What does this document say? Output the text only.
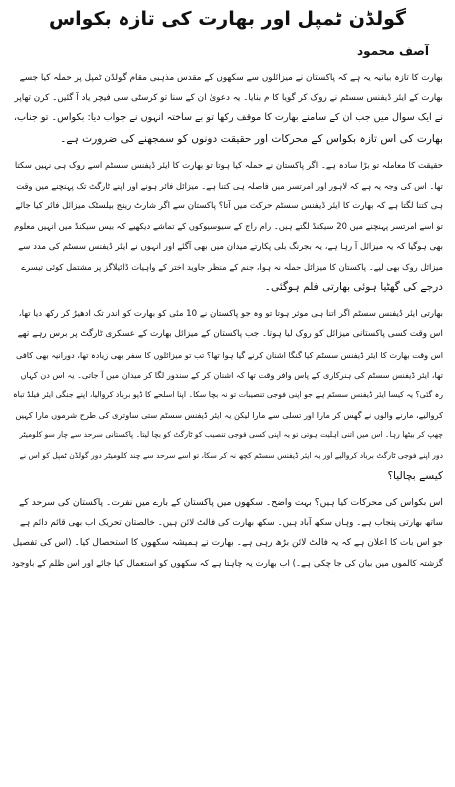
گولڈن ٹمپل اور بھارت کی تازہ بکواس
آصف محمود
بھارت کا تازہ بیانیہ یہ ہے کہ پاکستان نے میزائلوں سے سکھوں کے مقدس مذہبی مقام گولڈن ٹمپل پر حملہ کیا جسے
بھارت کے ایئر ڈیفنس سسٹم نے روک کر گویا کا م بنایا۔ یہ دعویٰ ان کے سنا تو کرسٹی سی فیچر یاد آ گئیں۔ کرن تھاپر
نے ایک سوال میں جب ان کے سامنے بھارت کا موقف رکھا تو بے ساختہ انہوں نے جواب دیا: بکواس۔ تو جناب،
بھارت کی اس تازہ بکواس کے محرکات اور حقیقت دونوں کو سمجھنے کی ضرورت ہے۔
حقیقت کا معاملہ تو بڑا سادہ ہے۔ اگر پاکستان نے حملہ کیا ہوتا تو بھارت کا ایئر ڈیفنس سسٹم اسے روک ہی نہیں سکتا
تھا۔ اس کی وجہ یہ ہے کہ لاہور اور امرتسر میں فاصلہ ہی کتنا ہے۔ میزائل فائر ہونے اور اپنے ٹارگٹ تک پہنچنے میں وقت
ہی کتنا لگتا ہے کہ بھارت کا ایئر ڈیفنس سسٹم حرکت میں آتا؟ پاکستان سے اگر شارٹ رینج بیلسٹک میزائل فائر کیا جائے
تو اسے امرتسر پہنچنے میں 20 سیکنڈ لگتے ہیں۔ رام راج کے سیوسیوکوں کے تماشے دیکھیے کہ بیس سیکنڈ میں انہیں معلوم
بھی ہوگیا کہ یہ میزائل آ رہا ہے، یہ بجرنگ بلی پکارتے میدان میں بھی آگئے اور انہوں نے ایئر ڈیفنس سسٹم کی مدد سے
میزائل روک بھی لیے۔ پاکستان کا میزائل حملہ نہ ہوا، جنم کے منظر جاوید اختر کے واہیات ڈائیلاگز پر مشتمل کوئی تیسرے
درجے کی گھٹیا ہوئی بھارتی فلم ہوگئی۔
بھارتی ایئر ڈیفنس سسٹم اگر اتنا ہی موثر ہوتا تو وہ جو پاکستان نے 10 مئی کو بھارت کو اندر تک ادھیڑ کر رکھ دیا تھا،
اس وقت کسی پاکستانی میزائل کو روک لیا ہوتا۔ جب پاکستان کے میزائل بھارت کے عسکری ٹارگٹ پر برس رہے تھے
اس وقت بھارت کا ایئر ڈیفنس سسٹم کیا گنگا اشنان کرنے گیا ہوا تھا؟ تب تو میزائلوں کا سفر بھی زیادہ تھا، دورانیہ بھی کافی
تھا، ایئر ڈیفنس سسٹم کی ہنرکاری کے پاس وافر وقت تھا کہ اشنان کر کے سندور لگا کر میدان میں آ جاتی۔ یہ اس دن کہاں
رہ گئی؟ یہ کیسا ایئر ڈیفنس سسٹم ہے جو اپنی فوجی تنصیبات تو نہ بچا سکا۔ اپنا اسلحے کا ڈپو برباد کروالیا، اپنے جنگی ایئر فیلڈ تباہ
کروالیے، مارنے والوں نے گھس کر مارا اور تسلی سے مارا لیکن یہ ایئر ڈیفنس سسٹم ستی ساوتری کی طرح شرموں مارا کہیں
چھپ کر بیٹھا رہا۔ اس میں اتنی اہلیت ہوتی تو یہ اپنی کسی فوجی تنصیب کو ٹارگٹ کو بچا لیتا۔ پاکستانی سرحد سے چار سو کلومیٹر
دور اپنے فوجی ٹارگٹ برباد کروالیے اور یہ ایئر ڈیفنس سسٹم کچھ نہ کر سکا، تو اسے سرحد سے چند کلومیٹر دور گولڈن ٹمپل کو اس نے
کیسے بچالیا؟
اس بکواس کی محرکات کیا ہیں؟ بہت واضح۔ سکھوں میں پاکستان کے بارے میں نفرت۔ پاکستان کی سرحد کے
ساتھ بھارتی پنجاب ہے۔ وہاں سکھ آباد ہیں۔ سکھ بھارت کی فالٹ لائن ہیں۔ خالصتان تحریک اب بھی قائم دائم ہے
جو اس بات کا اعلان ہے کہ یہ فالٹ لائن بڑھ رہی ہے۔ بھارت نے ہمیشہ سکھوں کا استحصال کیا۔ (اس کی تفصیل
گزشتہ کالموں میں بیان کی جا چکی ہے۔) اب بھارت یہ چاہتا ہے کہ سکھوں کو استعمال کیا جائے اور اس ظلم کے باوجود
